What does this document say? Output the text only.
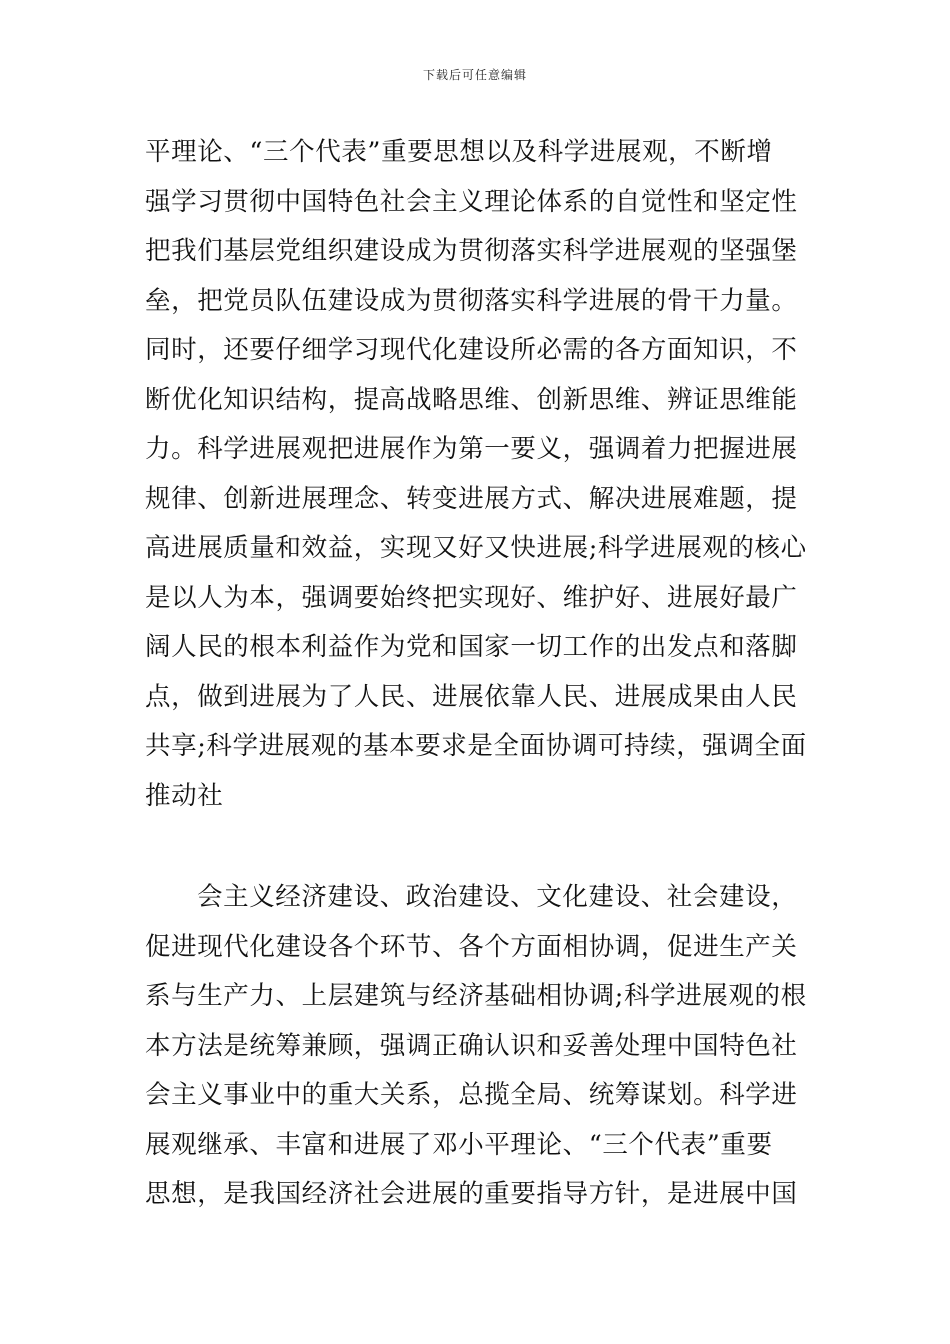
下载后可任意编辑
平理论、“三个代表”重要思想以及科学进展观，不断增
强学习贯彻中国特色社会主义理论体系的自觉性和坚定性
把我们基层党组织建设成为贯彻落实科学进展观的坚强堡
垒，把党员队伍建设成为贯彻落实科学进展的骨干力量。
同时，还要仔细学习现代化建设所必需的各方面知识，不
断优化知识结构，提高战略思维、创新思维、辨证思维能
力。科学进展观把进展作为第一要义，强调着力把握进展
规律、创新进展理念、转变进展方式、解决进展难题，提
高进展质量和效益，实现又好又快进展;科学进展观的核心
是以人为本，强调要始终把实现好、维护好、进展好最广
阔人民的根本利益作为党和国家一切工作的出发点和落脚
点，做到进展为了人民、进展依靠人民、进展成果由人民
共享;科学进展观的基本要求是全面协调可持续，强调全面
推动社
会主义经济建设、政治建设、文化建设、社会建设，
促进现代化建设各个环节、各个方面相协调，促进生产关
系与生产力、上层建筑与经济基础相协调;科学进展观的根
本方法是统筹兼顾，强调正确认识和妥善处理中国特色社
会主义事业中的重大关系，总揽全局、统筹谋划。科学进
展观继承、丰富和进展了邓小平理论、“三个代表”重要
思想，是我国经济社会进展的重要指导方针，是进展中国
